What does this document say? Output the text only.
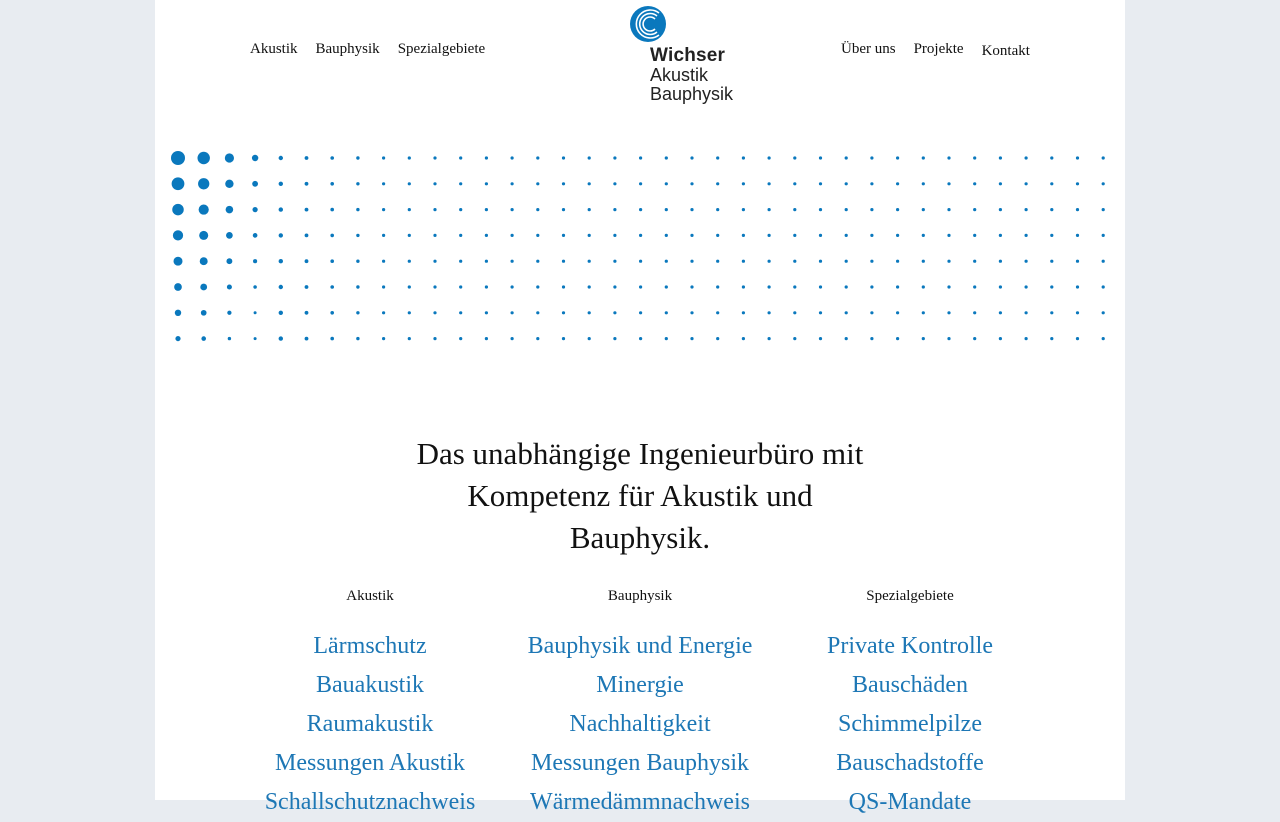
Akustik Bauphysik Spezialgebiete	Wichser
Akustik
Bauphysik
Über uns Projekte Kontakt
Das unabhängige Ingenieurbüro mit
Kompetenz für Akustik und
Bauphysik.
Akustik
Lärmschutz
Bauakustik
Raumakustik
Messungen Akustik
Schallschutznachweis
Bauphysik
Bauphysik und Energie
Minergie
Nachhaltigkeit
Messungen Bauphysik
Wärmedämmnachweis
Spezialgebiete
Private Kontrolle
Bauschäden
Schimmelpilze
Bauschadstoffe
QS-Mandate
